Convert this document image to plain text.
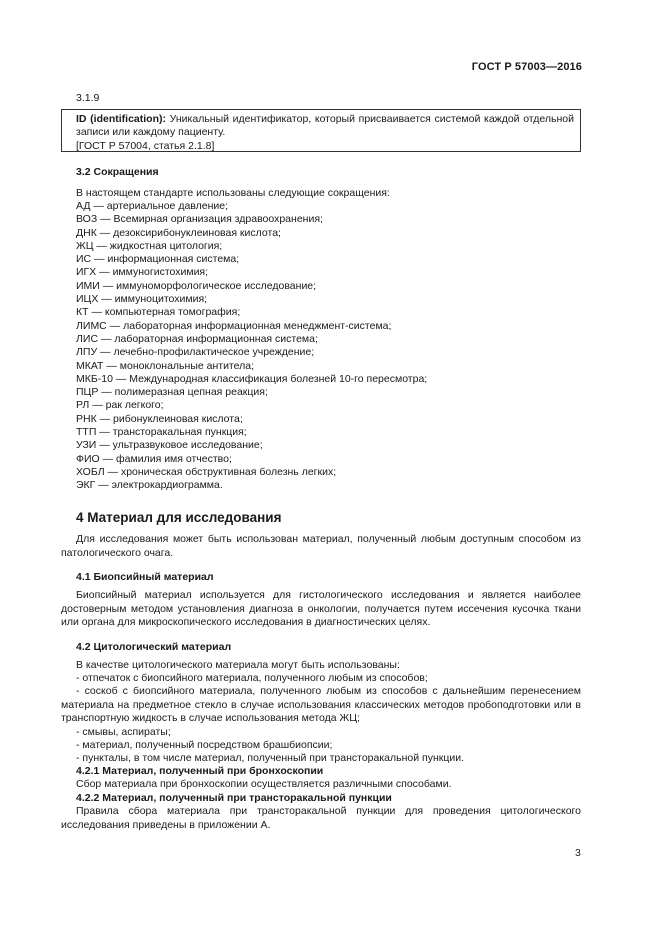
ГОСТ Р 57003—2016
3.1.9
ID (identification): Уникальный идентификатор, который присваивается системой каждой отдельной записи или каждому пациенту.
[ГОСТ Р 57004, статья 2.1.8]
3.2 Сокращения
В настоящем стандарте использованы следующие сокращения:
АД — артериальное давление;
ВОЗ — Всемирная организация здравоохранения;
ДНК — дезоксирибонуклеиновая кислота;
ЖЦ — жидкостная цитология;
ИС — информационная система;
ИГХ — иммуногистохимия;
ИМИ — иммуноморфологическое исследование;
ИЦХ — иммуноцитохимия;
КТ — компьютерная томография;
ЛИМС — лабораторная информационная менеджмент-система;
ЛИС — лабораторная информационная система;
ЛПУ — лечебно-профилактическое учреждение;
МКАТ — моноклональные антитела;
МКБ-10 — Международная классификация болезней 10-го пересмотра;
ПЦР — полимеразная цепная реакция;
РЛ — рак легкого;
РНК — рибонуклеиновая кислота;
ТТП — трансторакальная пункция;
УЗИ — ультразвуковое исследование;
ФИО — фамилия имя отчество;
ХОБЛ — хроническая обструктивная болезнь легких;
ЭКГ — электрокардиограмма.
4 Материал для исследования
Для исследования может быть использован материал, полученный любым доступным способом из патологического очага.
4.1 Биопсийный материал
Биопсийный материал используется для гистологического исследования и является наиболее достоверным методом установления диагноза в онкологии, получается путем иссечения кусочка ткани или органа для микроскопического исследования в диагностических целях.
4.2 Цитологический материал
В качестве цитологического материала могут быть использованы:
- отпечаток с биопсийного материала, полученного любым из способов;
- соскоб с биопсийного материала, полученного любым из способов с дальнейшим перенесением материала на предметное стекло в случае использования классических методов пробоподготовки или в транспортную жидкость в случае использования метода ЖЦ;
- смывы, аспираты;
- материал, полученный посредством брашбиопсии;
- пункталы, в том числе материал, полученный при трансторакальной пункции.
4.2.1 Материал, полученный при бронхоскопии
Сбор материала при бронхоскопии осуществляется различными способами.
4.2.2 Материал, полученный при трансторакальной пункции
Правила сбора материала при трансторакальной пункции для проведения цитологического исследования приведены в приложении А.
3
